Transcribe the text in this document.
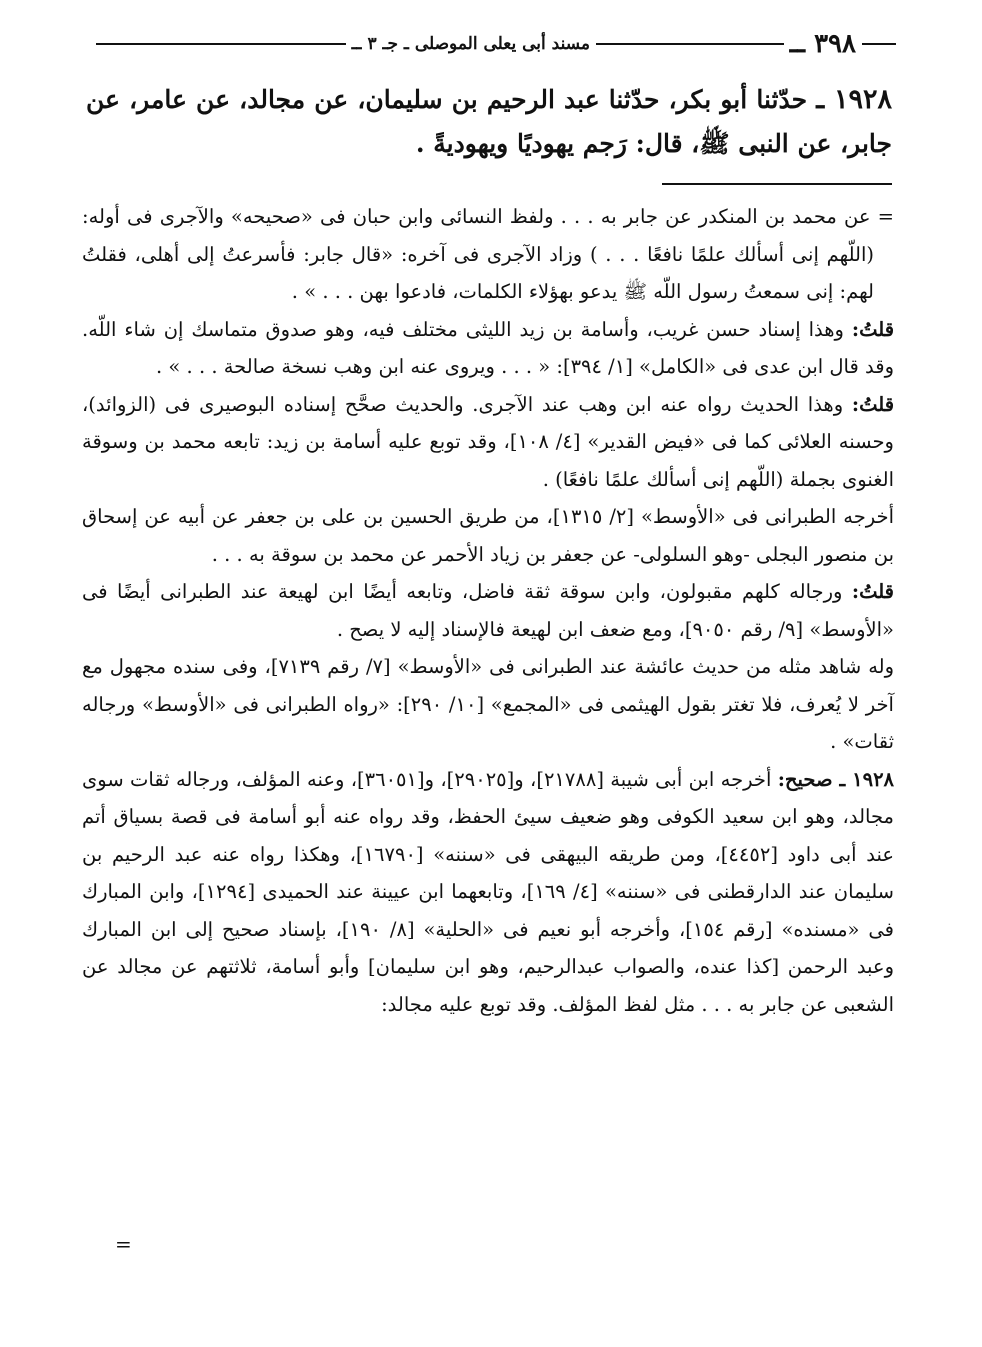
٣٩٨ ــ
مسند أبى يعلى الموصلى ـ جـ ٣ ــ
١٩٢٨ ـ حدّثنا أبو بكر، حدّثنا عبد الرحيم بن سليمان، عن مجالد، عن عامر، عن جابر، عن النبى ﷺ، قال: رَجم يهوديًا ويهوديةً .

= عن محمد بن المنكدر عن جابر به . . . ولفظ النسائى وابن حبان فى «صحيحه» والآجرى فى أوله: (اللّهم إنى أسألك علمًا نافعًا . . . ) وزاد الآجرى فى آخره: «قال جابر: فأسرعتُ إلى أهلى، فقلتُ لهم: إنى سمعتُ رسول اللّه ﷺ يدعو بهؤلاء الكلمات، فادعوا بهن . . . » .

قلتُ: وهذا إسناد حسن غريب، وأسامة بن زيد الليثى مختلف فيه، وهو صدوق متماسك إن شاء اللّه. وقد قال ابن عدى فى «الكامل» [١/ ٣٩٤]: « . . . ويروى عنه ابن وهب نسخة صالحة . . . » .

قلتُ: وهذا الحديث رواه عنه ابن وهب عند الآجرى. والحديث صحَّح إسناده البوصيرى فى (الزوائد)، وحسنه العلائى كما فى «فيض القدير» [٤/ ١٠٨]، وقد توبع عليه أسامة بن زيد: تابعه محمد بن وسوقة الغنوى بجملة (اللّهم إنى أسألك علمًا نافعًا) .

أخرجه الطبرانى فى «الأوسط» [٢/ ١٣١٥]، من طريق الحسين بن على بن جعفر عن أبيه عن إسحاق بن منصور البجلى -وهو السلولى- عن جعفر بن زياد الأحمر عن محمد بن سوقة به . . .

قلتُ: ورجاله كلهم مقبولون، وابن سوقة ثقة فاضل، وتابعه أيضًا ابن لهيعة عند الطبرانى أيضًا فى «الأوسط» [٩/ رقم ٩٠٥٠]، ومع ضعف ابن لهيعة فالإسناد إليه لا يصح .

وله شاهد مثله من حديث عائشة عند الطبرانى فى «الأوسط» [٧/ رقم ٧١٣٩]، وفى سنده مجهول مع آخر لا يُعرف، فلا تغتر بقول الهيثمى فى «المجمع» [١٠/ ٢٩٠]: «رواه الطبرانى فى «الأوسط» ورجاله ثقات» .

١٩٢٨ ـ صحيح: أخرجه ابن أبى شيبة [٢١٧٨٨]، و[٢٩٠٢٥]، و[٣٦٠٥١]، وعنه المؤلف، ورجاله ثقات سوى مجالد، وهو ابن سعيد الكوفى وهو ضعيف سيئ الحفظ، وقد رواه عنه أبو أسامة فى قصة بسياق أتم عند أبى داود [٤٤٥٢]، ومن طريقه البيهقى فى «سننه» [١٦٧٩٠]، وهكذا رواه عنه عبد الرحيم بن سليمان عند الدارقطنى فى «سننه» [٤/ ١٦٩]، وتابعهما ابن عيينة عند الحميدى [١٢٩٤]، وابن المبارك فى «مسنده» [رقم ١٥٤]، وأخرجه أبو نعيم فى «الحلية» [٨/ ١٩٠]، بإسناد صحيح إلى ابن المبارك وعبد الرحمن [كذا عنده، والصواب عبدالرحيم، وهو ابن سليمان] وأبو أسامة، ثلاثتهم عن مجالد عن الشعبى عن جابر به . . . مثل لفظ المؤلف. وقد توبع عليه مجالد:

=
